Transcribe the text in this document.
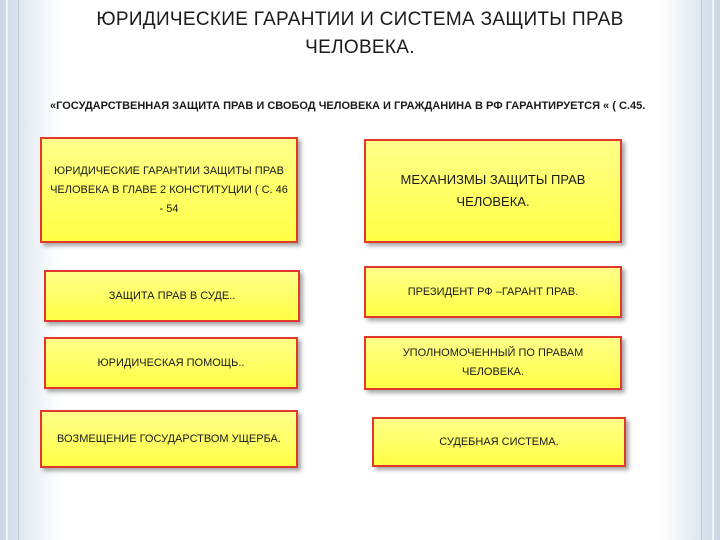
ЮРИДИЧЕСКИЕ ГАРАНТИИ И СИСТЕМА ЗАЩИТЫ ПРАВ ЧЕЛОВЕКА.
«ГОСУДАРСТВЕННАЯ ЗАЩИТА ПРАВ И СВОБОД ЧЕЛОВЕКА И ГРАЖДАНИНА В РФ ГАРАНТИРУЕТСЯ « ( С.45.
ЮРИДИЧЕСКИЕ ГАРАНТИИ ЗАЩИТЫ ПРАВ ЧЕЛОВЕКА В ГЛАВЕ 2 КОНСТИТУЦИИ ( С. 46 - 54
ЗАЩИТА ПРАВ В СУДЕ..
ЮРИДИЧЕСКАЯ ПОМОЩЬ..
ВОЗМЕЩЕНИЕ ГОСУДАРСТВОМ УЩЕРБА.
МЕХАНИЗМЫ ЗАЩИТЫ ПРАВ ЧЕЛОВЕКА.
ПРЕЗИДЕНТ РФ –ГАРАНТ ПРАВ.
УПОЛНОМОЧЕННЫЙ ПО ПРАВАМ ЧЕЛОВЕКА.
СУДЕБНАЯ СИСТЕМА.
